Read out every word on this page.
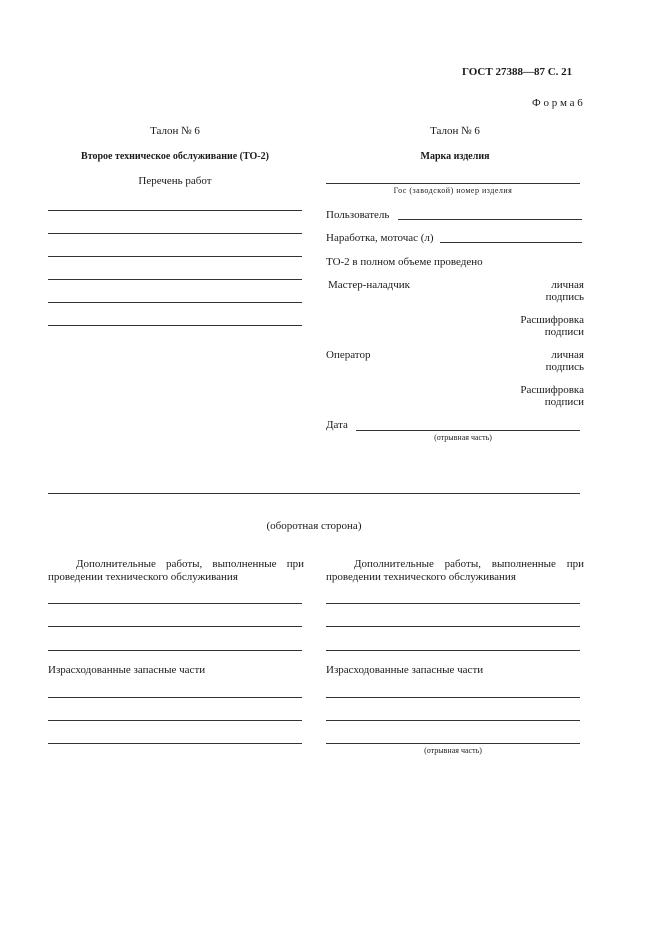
ГОСТ 27388—87 С. 21
Ф о р м а 6
Талон № 6
Второе техническое обслуживание (ТО-2)
Перечень работ
Талон № 6
Марка изделия
Гос (заводской) номер изделия
Пользователь
Наработка, моточас (л)
ТО-2 в полном объеме проведено
Мастер-наладчик	личная
подпись
Расшифровка
подписи
Оператор	личная
подпись
Расшифровка
подписи
Дата
(отрывная часть)
(оборотная сторона)
Дополнительные работы, выполненные при проведении технического обслуживания
Израсходованные запасные части
Дополнительные работы, выполненные при проведении технического обслуживания
Израсходованные запасные части
(отрывная часть)
